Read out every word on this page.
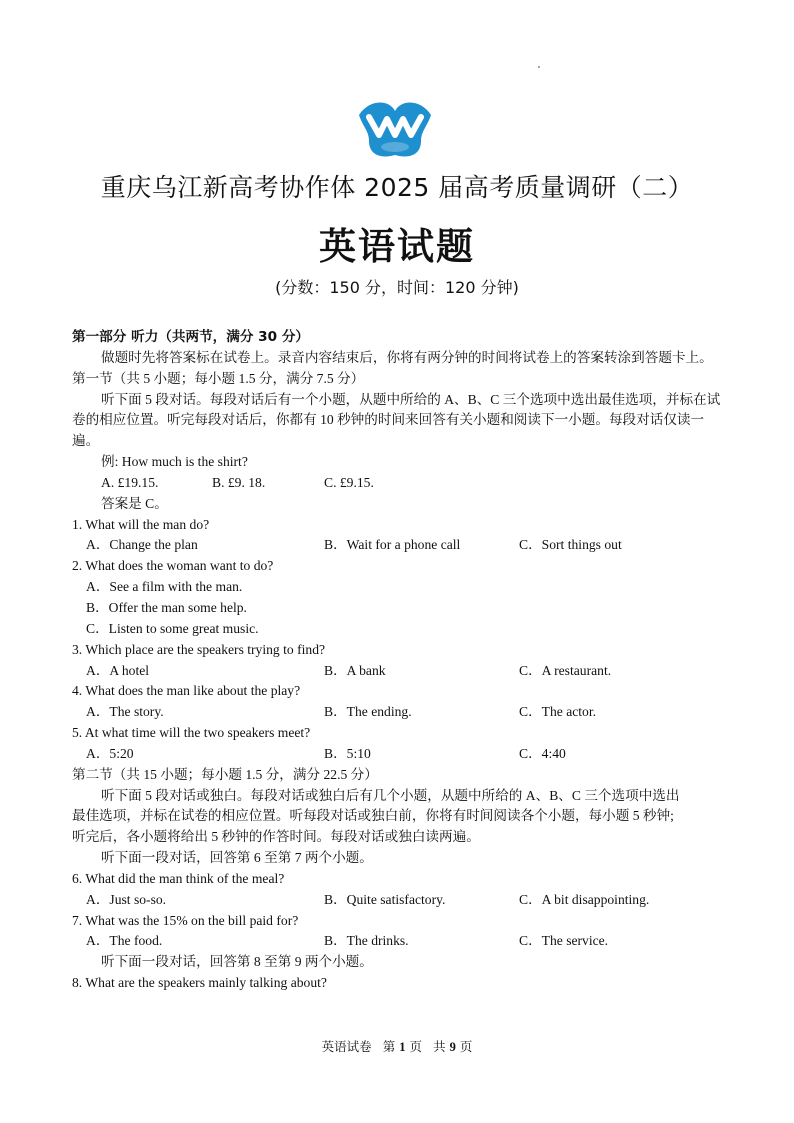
重庆乌江新高考协作体 2025 届高考质量调研（二）
英语试题
(分数：150 分，时间：120 分钟)
第一部分 听力（共两节，满分 30 分）
做题时先将答案标在试卷上。录音内容结束后，你将有两分钟的时间将试卷上的答案转涂到答题卡上。
第一节（共 5 小题；每小题 1.5 分，满分 7.5 分）
听下面 5 段对话。每段对话后有一个小题，从题中所给的 A、B、C 三个选项中选出最佳选项，并标在试卷的相应位置。听完每段对话后，你都有 10 秒钟的时间来回答有关小题和阅读下一小题。每段对话仅读一遍。
例: How much is the shirt?
A. £19.15.	B. £9. 18.	C. £9.15.
答案是 C。
1. What will the man do?
A．Change the plan	B．Wait for a phone call	C．Sort things out
2. What does the woman want to do?
A．See a film with the man.
B．Offer the man some help.
C．Listen to some great music.
3. Which place are the speakers trying to find?
A．A hotel	B．A bank	C．A restaurant.
4. What does the man like about the play?
A．The story.	B．The ending.	C．The actor.
5. At what time will the two speakers meet?
A．5:20	B．5:10	C．4:40
第二节（共 15 小题；每小题 1.5 分，满分 22.5 分）
听下面 5 段对话或独白。每段对话或独白后有几个小题，从题中所给的 A、B、C 三个选项中选出
最佳选项，并标在试卷的相应位置。听每段对话或独白前，你将有时间阅读各个小题，每小题 5 秒钟;
听完后，各小题将给出 5 秒钟的作答时间。每段对话或独白读两遍。
听下面一段对话，回答第 6 至第 7 两个小题。
6. What did the man think of the meal?
A．Just so-so.	B．Quite satisfactory.	C．A bit disappointing.
7. What was the 15% on the bill paid for?
A．The food.	B．The drinks.	C．The service.
听下面一段对话，回答第 8 至第 9 两个小题。
8. What are the speakers mainly talking about?
英语试卷 第 1 页 共 9 页
